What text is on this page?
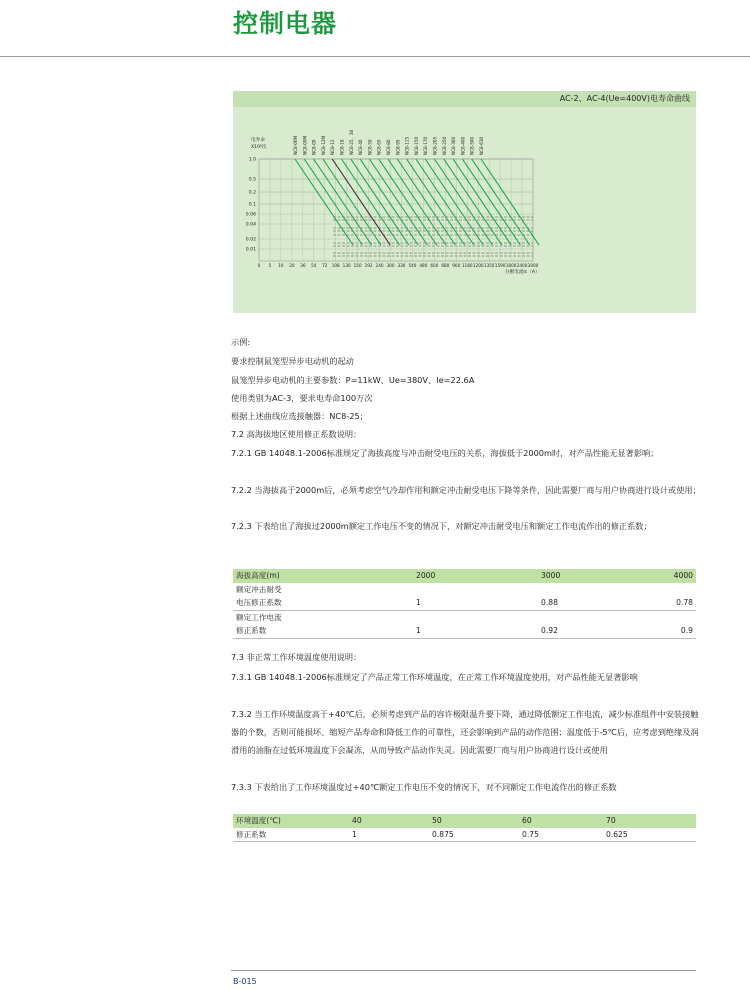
控制电器
AC-2、AC-4(Ue=400V)电寿命曲线
电寿命
X10⁶次
分断电流Ic（A）
1.0
0.5
0.2
0.1
0.06
0.04
0.02
0.01
0 5 10 20 36 54 72 108 130 150 192 240 300 330 540 480 600 680 900 1180 1200 1350 1590 1800 2400 3000
NC8-06M NC8-09M NC8-09 NC8-12M NC8-12 NC8-18 NC8-25、38 NC8-40 NC8-50 NC8-65 NC8-80 NC8-95 NC8-115 NC8-150 NC8-170 NC8-205 NC8-250 NC8-300 NC8-400 NC8-500 NC8-630
示例:
要求控制鼠笼型异步电动机的起动
鼠笼型异步电动机的主要参数：P=11kW、Ue=380V、Ie=22.6A
使用类别为AC-3，要求电寿命100万次
根据上述曲线应选接触器：NC8-25；
7.2 高海拔地区使用修正系数说明：
7.2.1 GB 14048.1-2006标准规定了海拔高度与冲击耐受电压的关系，海拔低于2000m时，对产品性能无显著影响；
7.2.2 当海拔高于2000m后，必须考虑空气冷却作用和额定冲击耐受电压下降等条件，因此需要厂商与用户协商进行设计或使用；
7.2.3 下表给出了海拔过2000m额定工作电压不变的情况下，对额定冲击耐受电压和额定工作电流作出的修正系数；
海拔高度(m)	2000	3000	4000
额定冲击耐受			
电压修正系数	1	0.88	0.78
额定工作电流			
修正系数	1	0.92	0.9
7.3 非正常工作环境温度使用说明：
7.3.1 GB 14048.1-2006标准规定了产品正常工作环境温度，在正常工作环境温度使用，对产品性能无显著影响
7.3.2 当工作环境温度高于+40℃后，必须考虑到产品的容许极限温升要下降，通过降低额定工作电流，减少标准组件中安装接触器的个数，否则可能损坏、缩短产品寿命和降低工作的可靠性，还会影响到产品的动作范围；温度低于-5℃后，应考虑到绝缘及润滑用的油脂在过低环境温度下会凝冻，从而导致产品动作失灵。因此需要厂商与用户协商进行设计或使用
7.3.3 下表给出了工作环境温度过+40℃额定工作电压不变的情况下，对不同额定工作电流作出的修正系数
环境温度(℃)	40	50	60	70
修正系数	1	0.875	0.75	0.625
B-015
